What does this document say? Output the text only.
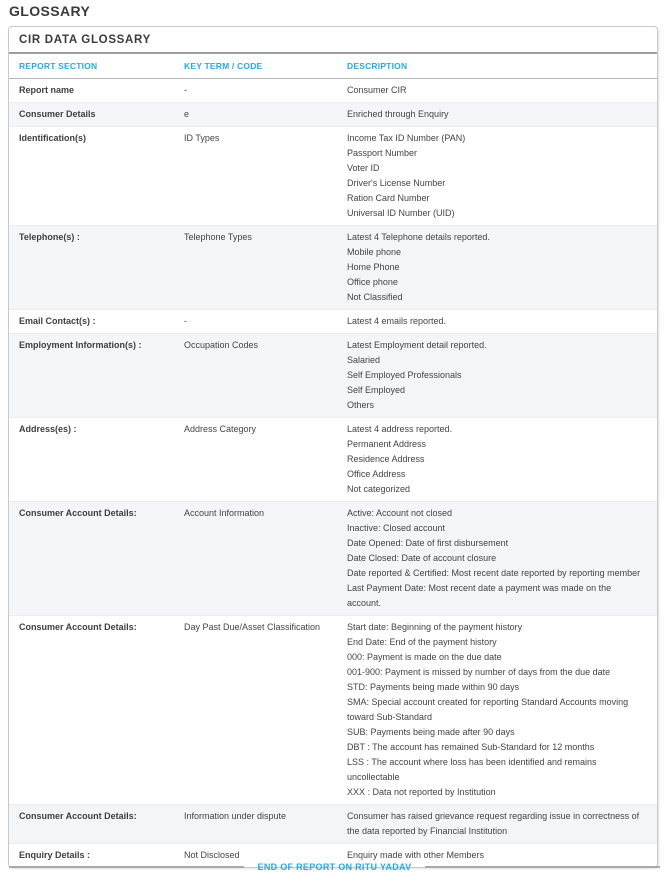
GLOSSARY
CIR DATA GLOSSARY
REPORT SECTION	KEY TERM / CODE	DESCRIPTION
Report name	-	Consumer CIR
Consumer Details	e	Enriched through Enquiry
Identification(s)	ID Types	Income Tax ID Number (PAN)
Passport Number
Voter ID
Driver's License Number
Ration Card Number
Universal ID Number (UID)
Telephone(s) :	Telephone Types	Latest 4 Telephone details reported.
Mobile phone
Home Phone
Office phone
Not Classified
Email Contact(s) :	-	Latest 4 emails reported.
Employment Information(s) :	Occupation Codes	Latest Employment detail reported.
Salaried
Self Employed Professionals
Self Employed
Others
Address(es) :	Address Category	Latest 4 address reported.
Permanent Address
Residence Address
Office Address
Not categorized
Consumer Account Details:	Account Information	Active: Account not closed
Inactive: Closed account
Date Opened: Date of first disbursement
Date Closed: Date of account closure
Date reported & Certified: Most recent date reported by reporting member
Last Payment Date: Most recent date a payment was made on the account.
Consumer Account Details:	Day Past Due/Asset Classification	Start date: Beginning of the payment history
End Date: End of the payment history
000: Payment is made on the due date
001-900: Payment is missed by number of days from the due date
STD: Payments being made within 90 days
SMA: Special account created for reporting Standard Accounts moving toward Sub-Standard
SUB: Payments being made after 90 days
DBT : The account has remained Sub-Standard for 12 months
LSS : The account where loss has been identified and remains uncollectable
XXX : Data not reported by Institution
Consumer Account Details:	Information under dispute	Consumer has raised grievance request regarding issue in correctness of the data reported by Financial Institution
Enquiry Details :	Not Disclosed	Enquiry made with other Members
END OF REPORT ON RITU YADAV
